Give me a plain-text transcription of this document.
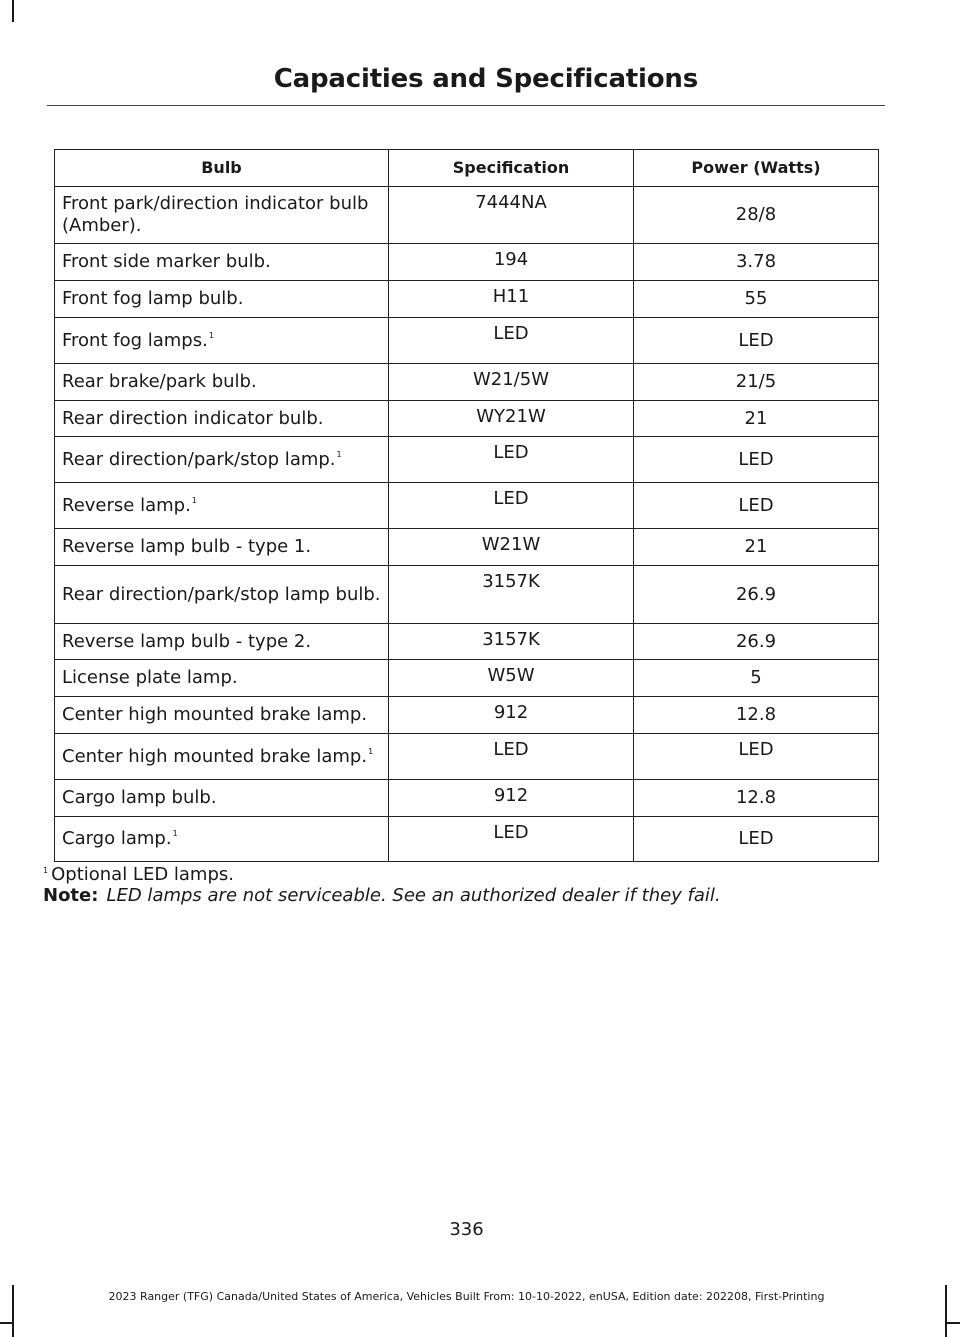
Capacities and Specifications
Bulb	Specification	Power (Watts)
Front park/direction indicator bulb (Amber).	7444NA	28/8
Front side marker bulb.	194	3.78
Front fog lamp bulb.	H11	55
Front fog lamps.$^1$	LED	LED
Rear brake/park bulb.	W21/5W	21/5
Rear direction indicator bulb.	WY21W	21
Rear direction/park/stop lamp.$^1$	LED	LED
Reverse lamp.$^1$	LED	LED
Reverse lamp bulb - type 1.	W21W	21
Rear direction/park/stop lamp bulb.	3157K	26.9
Reverse lamp bulb - type 2.	3157K	26.9
License plate lamp.	W5W	5
Center high mounted brake lamp.	912	12.8
Center high mounted brake lamp.$^1$	LED	LED
Cargo lamp bulb.	912	12.8
Cargo lamp.$^1$	LED	LED
$^1$ Optional LED lamps.
Note: LED lamps are not serviceable. See an authorized dealer if they fail.
336
2023 Ranger (TFG) Canada/United States of America, Vehicles Built From: 10-10-2022, enUSA, Edition date: 202208, First-Printing
